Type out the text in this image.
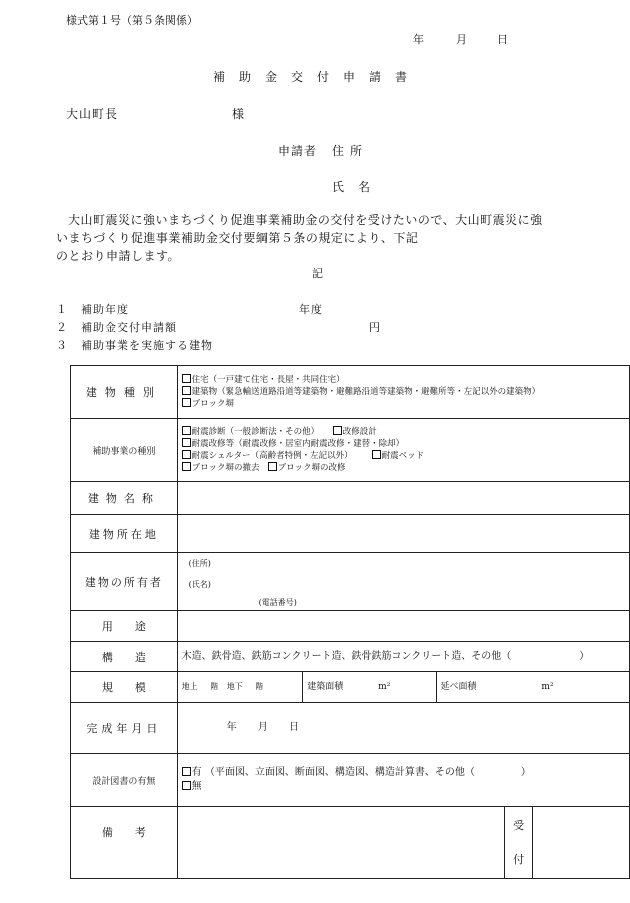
様式第１号（第５条関係）
年	月	日
補助金交付申請書
大山町長	様
申請者 住所
氏名
大山町震災に強いまちづくり促進事業補助金の交付を受けたいので、大山町震災に強
いまちづくり促進事業補助金交付要綱第５条の規定により、下記
のとおり申請します。
記
１ 補助年度	年度
２ 補助金交付申請額	円
３ 補助事業を実施する建物
建物種別	住宅（一戸建て住宅・長屋・共同住宅）
建築物（緊急輸送道路沿道等建築物・避難路沿道等建築物・避難所等・左記以外の建築物）
ブロック塀				

補助事業の種別	耐震診断（一般診断法・その他） 改修設計
耐震改修等（耐震改修・居室内耐震改修・建替・除却）
耐震シェルター（高齢者特例・左記以外） 耐震ベッド
ブロック塀の撤去 ブロック塀の改修				

建物名称					
建物所在地					
建物の所有者	(住所)
(氏名)
(電話番号)				

用途					
構造	木造、鉄骨造、鉄筋コンクリート造、鉄骨鉄筋コンクリート造、その他（ ）				
規模	地上 階 地下 階	建築面積 m²	延べ面積 m²		
完成年月日	年 月 日				
設計図書の有無	有 （平面図、立面図、断面図、構造図、構造計算書、その他（ ）
無				

備考				受
付	
